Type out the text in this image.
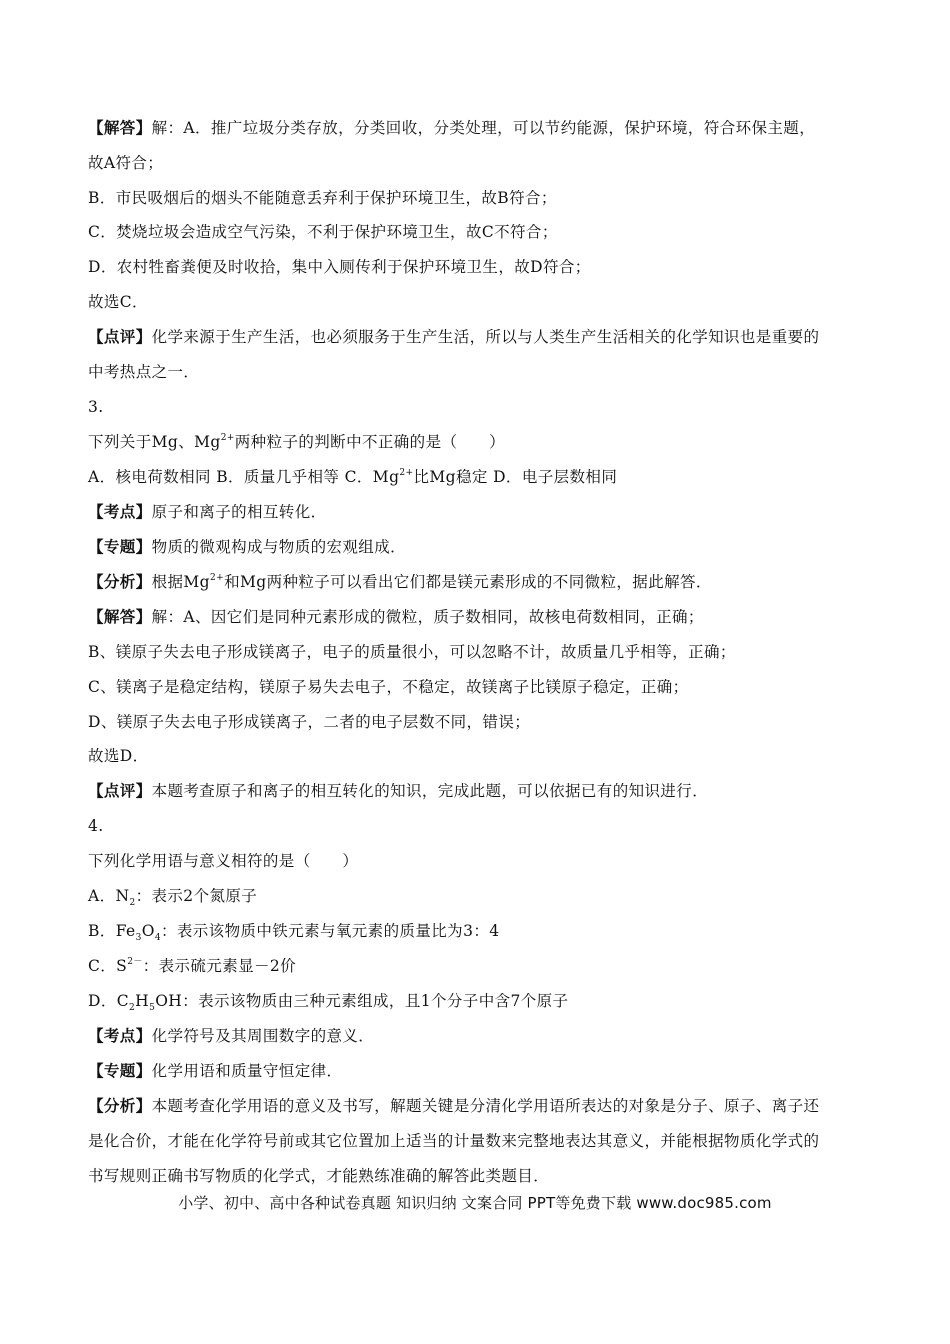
【解答】解：A．推广垃圾分类存放，分类回收，分类处理，可以节约能源，保护环境，符合环保主题，
故A符合；
B．市民吸烟后的烟头不能随意丢弃利于保护环境卫生，故B符合；
C．焚烧垃圾会造成空气污染，不利于保护环境卫生，故C不符合；
D．农村牲畜粪便及时收拾，集中入厕传利于保护环境卫生，故D符合；
故选C．
【点评】化学来源于生产生活，也必须服务于生产生活，所以与人类生产生活相关的化学知识也是重要的
中考热点之一．
3.
下列关于Mg、$Mg^{2+}$两种粒子的判断中不正确的是（　　）
A．核电荷数相同 B．质量几乎相等 C．$Mg^{2+}$比Mg稳定 D．电子层数相同
【考点】原子和离子的相互转化．
【专题】物质的微观构成与物质的宏观组成．
【分析】根据$Mg^{2+}$和Mg两种粒子可以看出它们都是镁元素形成的不同微粒，据此解答．
【解答】解：A、因它们是同种元素形成的微粒，质子数相同，故核电荷数相同，正确；
B、镁原子失去电子形成镁离子，电子的质量很小，可以忽略不计，故质量几乎相等，正确；
C、镁离子是稳定结构，镁原子易失去电子，不稳定，故镁离子比镁原子稳定，正确；
D、镁原子失去电子形成镁离子，二者的电子层数不同，错误；
故选D．
【点评】本题考查原子和离子的相互转化的知识，完成此题，可以依据已有的知识进行．
4.
下列化学用语与意义相符的是（　　）
A．$N_2$：表示2个氮原子
B．$Fe_3O_4$：表示该物质中铁元素与氧元素的质量比为3：4
C．$S^{2-}$：表示硫元素显－2价
D．$C_2H_5OH$：表示该物质由三种元素组成，且1个分子中含7个原子
【考点】化学符号及其周围数字的意义．
【专题】化学用语和质量守恒定律．
【分析】本题考查化学用语的意义及书写，解题关键是分清化学用语所表达的对象是分子、原子、离子还
是化合价，才能在化学符号前或其它位置加上适当的计量数来完整地表达其意义，并能根据物质化学式的
书写规则正确书写物质的化学式，才能熟练准确的解答此类题目．
小学、初中、高中各种试卷真题 知识归纳 文案合同 PPT等免费下载 www.doc985.com
